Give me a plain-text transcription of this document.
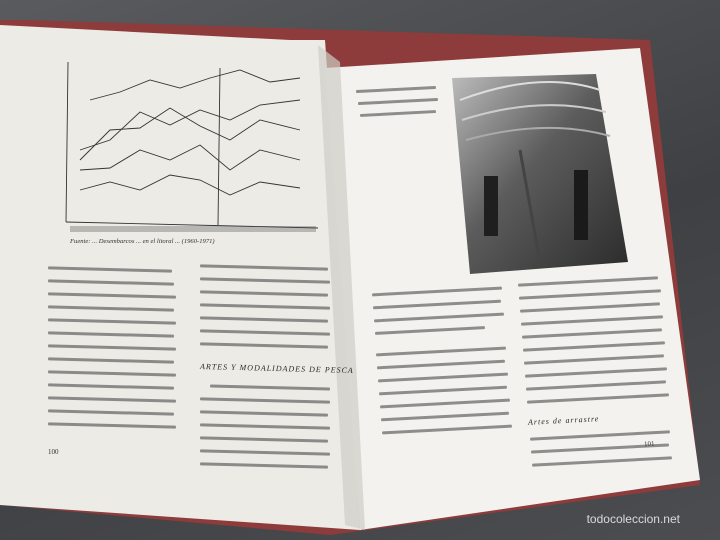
Fuente: ... Desembarcos ... en el litoral ... (1960-1971)
ARTES Y MODALIDADES DE PESCA
100
Artes de arrastre
101
todocoleccion.net
